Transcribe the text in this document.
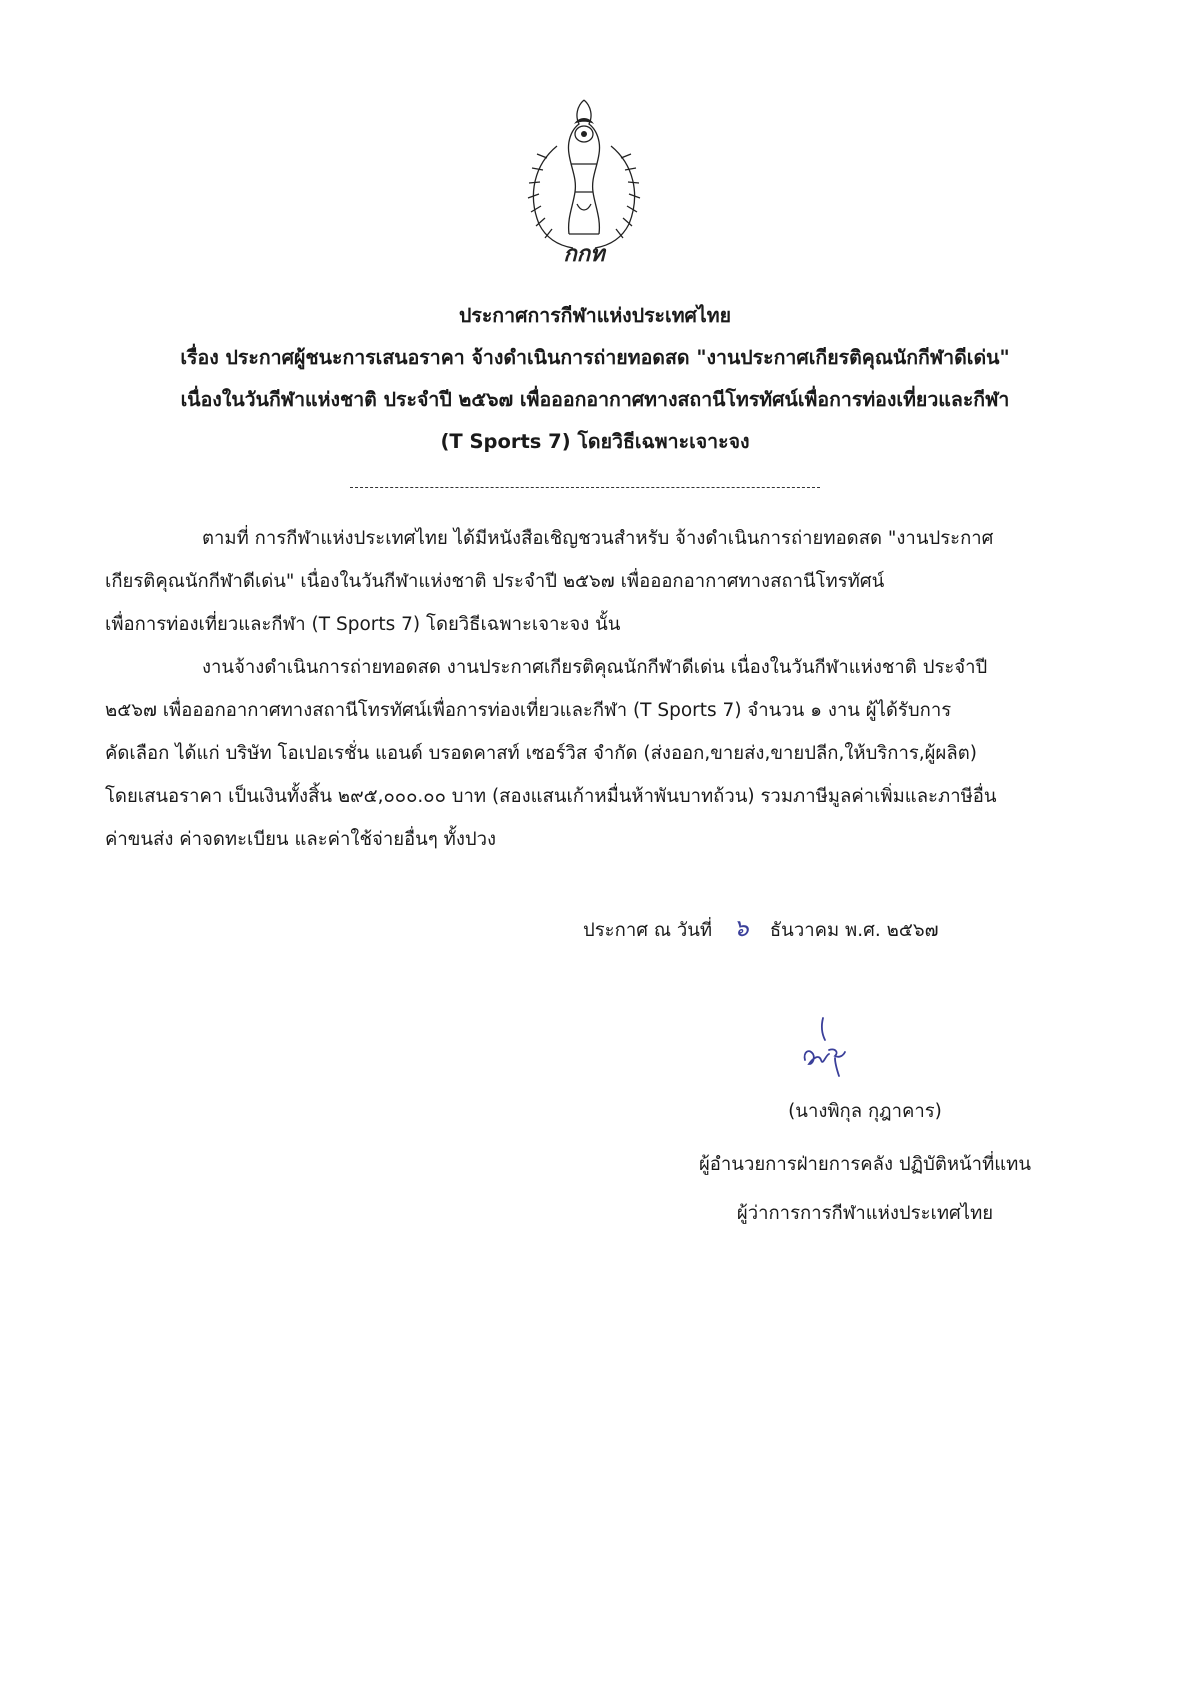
กกท
ประกาศการกีฬาแห่งประเทศไทย
เรื่อง ประกาศผู้ชนะการเสนอราคา จ้างดำเนินการถ่ายทอดสด "งานประกาศเกียรติคุณนักกีฬาดีเด่น"
เนื่องในวันกีฬาแห่งชาติ ประจำปี ๒๕๖๗ เพื่อออกอากาศทางสถานีโทรทัศน์เพื่อการท่องเที่ยวและกีฬา
(T Sports 7) โดยวิธีเฉพาะเจาะจง
ตามที่ การกีฬาแห่งประเทศไทย ได้มีหนังสือเชิญชวนสำหรับ จ้างดำเนินการถ่ายทอดสด "งานประกาศ
เกียรติคุณนักกีฬาดีเด่น" เนื่องในวันกีฬาแห่งชาติ ประจำปี ๒๕๖๗ เพื่อออกอากาศทางสถานีโทรทัศน์
เพื่อการท่องเที่ยวและกีฬา (T Sports 7) โดยวิธีเฉพาะเจาะจง นั้น
งานจ้างดำเนินการถ่ายทอดสด งานประกาศเกียรติคุณนักกีฬาดีเด่น เนื่องในวันกีฬาแห่งชาติ ประจำปี
๒๕๖๗ เพื่อออกอากาศทางสถานีโทรทัศน์เพื่อการท่องเที่ยวและกีฬา (T Sports 7) จำนวน ๑ งาน ผู้ได้รับการ
คัดเลือก ได้แก่ บริษัท โอเปอเรชั่น แอนด์ บรอดคาสท์ เซอร์วิส จำกัด (ส่งออก,ขายส่ง,ขายปลีก,ให้บริการ,ผู้ผลิต)
โดยเสนอราคา เป็นเงินทั้งสิ้น ๒๙๕,๐๐๐.๐๐ บาท (สองแสนเก้าหมื่นห้าพันบาทถ้วน) รวมภาษีมูลค่าเพิ่มและภาษีอื่น
ค่าขนส่ง ค่าจดทะเบียน และค่าใช้จ่ายอื่นๆ ทั้งปวง
ประกาศ ณ วันที่ ๖ ธันวาคม พ.ศ. ๒๕๖๗
(นางพิกุล กุฎาคาร)
ผู้อำนวยการฝ่ายการคลัง ปฏิบัติหน้าที่แทน
ผู้ว่าการการกีฬาแห่งประเทศไทย
